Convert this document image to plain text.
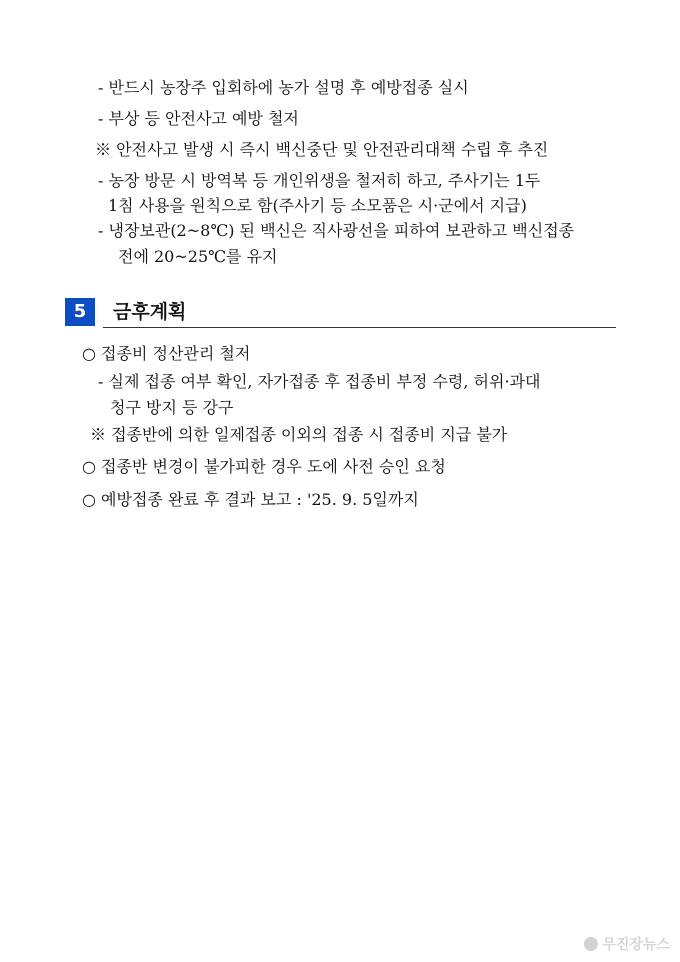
- 반드시 농장주 입회하에 농가 설명 후 예방접종 실시
- 부상 등 안전사고 예방 철저
※ 안전사고 발생 시 즉시 백신중단 및 안전관리대책 수립 후 추진
- 농장 방문 시 방역복 등 개인위생을 철저히 하고, 주사기는 1두
1침 사용을 원칙으로 함(주사기 등 소모품은 시·군에서 지급)
- 냉장보관(2~8℃) 된 백신은 직사광선을 피하여 보관하고 백신접종
전에 20~25℃를 유지
5	금후계획
○ 접종비 정산관리 철저
- 실제 접종 여부 확인, 자가접종 후 접종비 부정 수령, 허위·과대
청구 방지 등 강구
※ 접종반에 의한 일제접종 이외의 접종 시 접종비 지급 불가
○ 접종반 변경이 불가피한 경우 도에 사전 승인 요청
○ 예방접종 완료 후 결과 보고 : '25. 9. 5일까지
무진장뉴스
